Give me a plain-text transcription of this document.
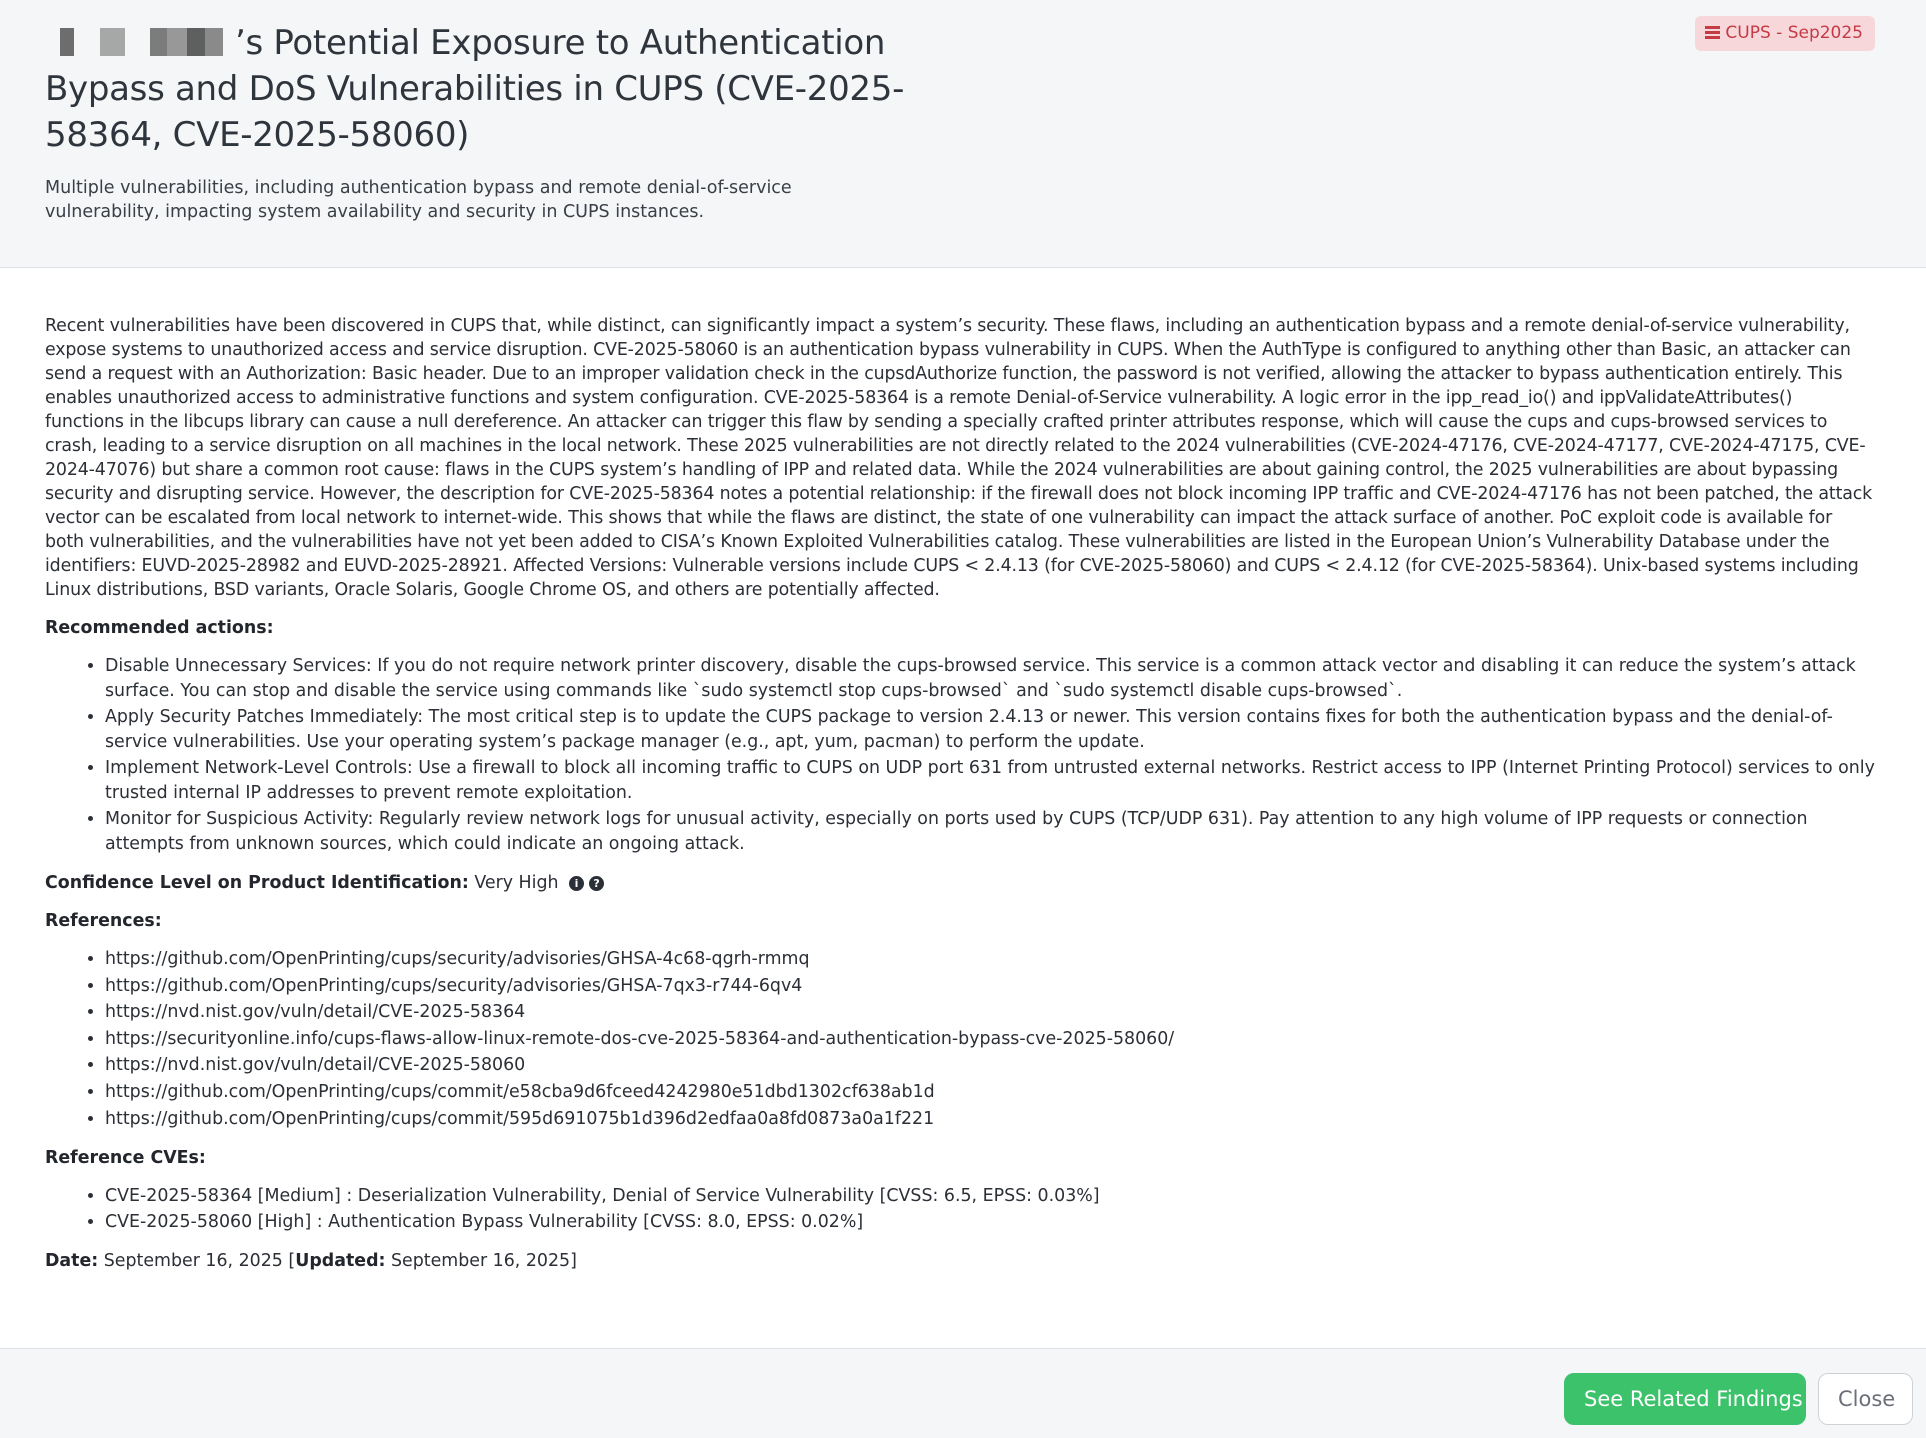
’s Potential Exposure to Authentication Bypass and DoS Vulnerabilities in CUPS (CVE-2025-58364, CVE-2025-58060)

Multiple vulnerabilities, including authentication bypass and remote denial-of-service vulnerability, impacting system availability and security in CUPS instances.

CUPS - Sep2025

Recent vulnerabilities have been discovered in CUPS that, while distinct, can significantly impact a system’s security. These flaws, including an authentication bypass and a remote denial-of-service vulnerability, expose systems to unauthorized access and service disruption. CVE-2025-58060 is an authentication bypass vulnerability in CUPS. When the AuthType is configured to anything other than Basic, an attacker can send a request with an Authorization: Basic header. Due to an improper validation check in the cupsdAuthorize function, the password is not verified, allowing the attacker to bypass authentication entirely. This enables unauthorized access to administrative functions and system configuration. CVE-2025-58364 is a remote Denial-of-Service vulnerability. A logic error in the ipp_read_io() and ippValidateAttributes() functions in the libcups library can cause a null dereference. An attacker can trigger this flaw by sending a specially crafted printer attributes response, which will cause the cups and cups-browsed services to crash, leading to a service disruption on all machines in the local network. These 2025 vulnerabilities are not directly related to the 2024 vulnerabilities (CVE-2024-47176, CVE-2024-47177, CVE-2024-47175, CVE-2024-47076) but share a common root cause: flaws in the CUPS system’s handling of IPP and related data. While the 2024 vulnerabilities are about gaining control, the 2025 vulnerabilities are about bypassing security and disrupting service. However, the description for CVE-2025-58364 notes a potential relationship: if the firewall does not block incoming IPP traffic and CVE-2024-47176 has not been patched, the attack vector can be escalated from local network to internet-wide. This shows that while the flaws are distinct, the state of one vulnerability can impact the attack surface of another. PoC exploit code is available for both vulnerabilities, and the vulnerabilities have not yet been added to CISA’s Known Exploited Vulnerabilities catalog. These vulnerabilities are listed in the European Union’s Vulnerability Database under the identifiers: EUVD-2025-28982 and EUVD-2025-28921. Affected Versions: Vulnerable versions include CUPS < 2.4.13 (for CVE-2025-58060) and CUPS < 2.4.12 (for CVE-2025-58364). Unix-based systems including Linux distributions, BSD variants, Oracle Solaris, Google Chrome OS, and others are potentially affected.

Recommended actions:

• Disable Unnecessary Services: If you do not require network printer discovery, disable the cups-browsed service. This service is a common attack vector and disabling it can reduce the system’s attack surface. You can stop and disable the service using commands like `sudo systemctl stop cups-browsed` and `sudo systemctl disable cups-browsed`.
• Apply Security Patches Immediately: The most critical step is to update the CUPS package to version 2.4.13 or newer. This version contains fixes for both the authentication bypass and the denial-of-service vulnerabilities. Use your operating system’s package manager (e.g., apt, yum, pacman) to perform the update.
• Implement Network-Level Controls: Use a firewall to block all incoming traffic to CUPS on UDP port 631 from untrusted external networks. Restrict access to IPP (Internet Printing Protocol) services to only trusted internal IP addresses to prevent remote exploitation.
• Monitor for Suspicious Activity: Regularly review network logs for unusual activity, especially on ports used by CUPS (TCP/UDP 631). Pay attention to any high volume of IPP requests or connection attempts from unknown sources, which could indicate an ongoing attack.

Confidence Level on Product Identification: Very High i ?

References:

• https://github.com/OpenPrinting/cups/security/advisories/GHSA-4c68-qgrh-rmmq
• https://github.com/OpenPrinting/cups/security/advisories/GHSA-7qx3-r744-6qv4
• https://nvd.nist.gov/vuln/detail/CVE-2025-58364
• https://securityonline.info/cups-flaws-allow-linux-remote-dos-cve-2025-58364-and-authentication-bypass-cve-2025-58060/
• https://nvd.nist.gov/vuln/detail/CVE-2025-58060
• https://github.com/OpenPrinting/cups/commit/e58cba9d6fceed4242980e51dbd1302cf638ab1d
• https://github.com/OpenPrinting/cups/commit/595d691075b1d396d2edfaa0a8fd0873a0a1f221

Reference CVEs:

• CVE-2025-58364 [Medium] : Deserialization Vulnerability, Denial of Service Vulnerability [CVSS: 6.5, EPSS: 0.03%]
• CVE-2025-58060 [High] : Authentication Bypass Vulnerability [CVSS: 8.0, EPSS: 0.02%]

Date: September 16, 2025 [Updated: September 16, 2025]

See Related Findings	Close
